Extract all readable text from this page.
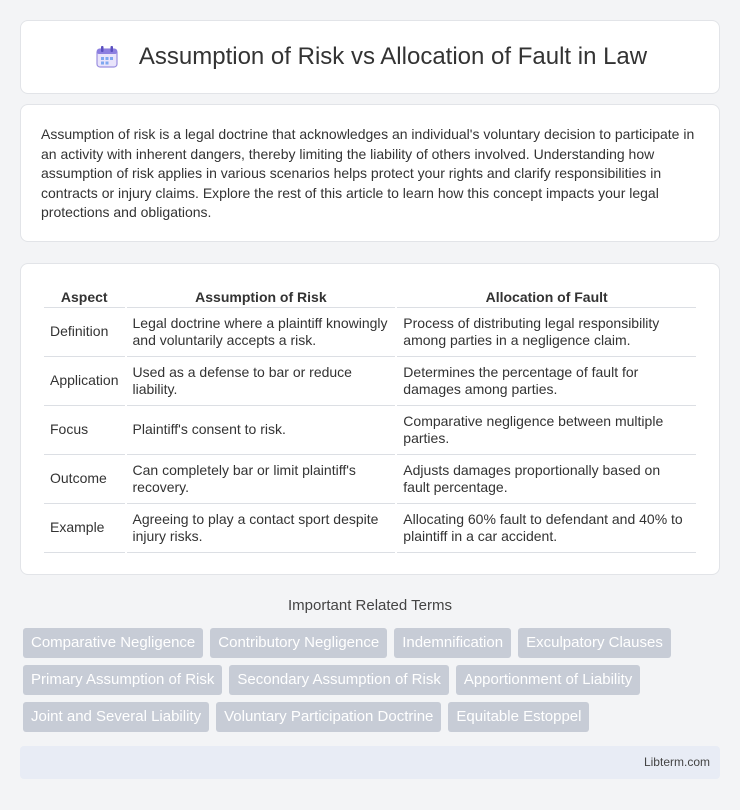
Assumption of Risk vs Allocation of Fault in Law

Assumption of risk is a legal doctrine that acknowledges an individual's voluntary decision to participate in an activity with inherent dangers, thereby limiting the liability of others involved. Understanding how assumption of risk applies in various scenarios helps protect your rights and clarify responsibilities in contracts or injury claims. Explore the rest of this article to learn how this concept impacts your legal protections and obligations.

Aspect	Assumption of Risk	Allocation of Fault
Definition	Legal doctrine where a plaintiff knowingly and voluntarily accepts a risk.	Process of distributing legal responsibility among parties in a negligence claim.
Application	Used as a defense to bar or reduce liability.	Determines the percentage of fault for damages among parties.
Focus	Plaintiff's consent to risk.	Comparative negligence between multiple parties.
Outcome	Can completely bar or limit plaintiff's recovery.	Adjusts damages proportionally based on fault percentage.
Example	Agreeing to play a contact sport despite injury risks.	Allocating 60% fault to defendant and 40% to plaintiff in a car accident.
Important Related Terms
Comparative Negligence	Contributory Negligence	Indemnification	Exculpatory Clauses
Primary Assumption of Risk	Secondary Assumption of Risk	Apportionment of Liability
Joint and Several Liability	Voluntary Participation Doctrine	Equitable Estoppel
Libterm.com
